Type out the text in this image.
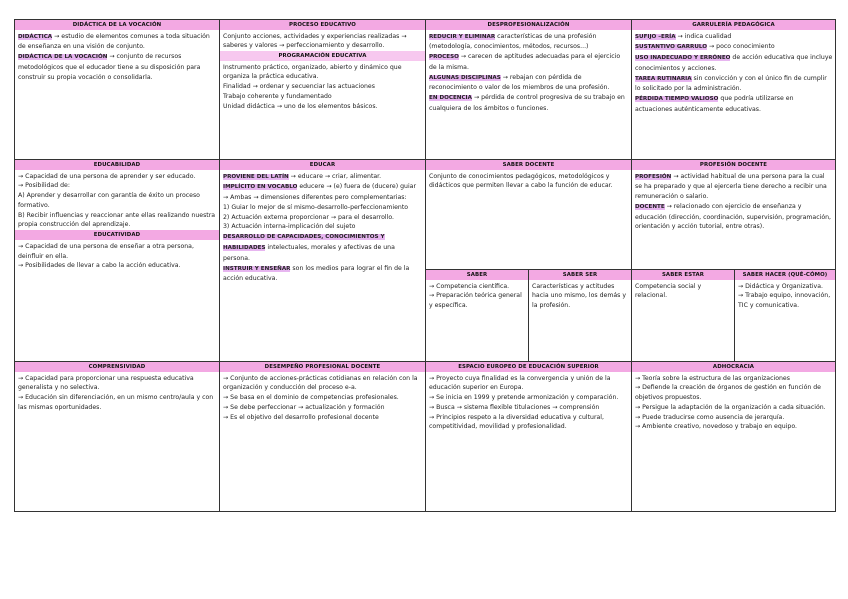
DIDÁCTICA DE LA VOCACIÓN

DIDÁCTICA → estudio de elementos comunes a toda situación de enseñanza en una visión de conjunto.

DIDÁCTICA DE LA VOCACIÓN → conjunto de recursos metodológicos que el educador tiene a su disposición para construir su propia vocación o consolidarla.

PROCESO EDUCATIVO

Conjunto acciones, actividades y experiencias realizadas → saberes y valores → perfeccionamiento y desarrollo.

PROGRAMACIÓN EDUCATIVA

Instrumento práctico, organizado, abierto y dinámico que organiza la práctica educativa.

Finalidad → ordenar y secuenciar las actuaciones

Trabajo coherente y fundamentado

Unidad didáctica → uno de los elementos básicos.

DESPROFESIONALIZACIÓN

REDUCIR Y ELIMINAR características de una profesión (metodología, conocimientos, métodos, recursos...)

PROCESO → carecen de aptitudes adecuadas para el ejercicio de la misma.

ALGUNAS DISCIPLINAS → rebajan con pérdida de reconocimiento o valor de los miembros de una profesión.

EN DOCENCIA → pérdida de control progresiva de su trabajo en cualquiera de los ámbitos o funciones.

GARRULERÍA PEDAGÓGICA

SUFIJO –ERÍA → indica cualidad

SUSTANTIVO GARRULO → poco conocimiento

USO INADECUADO Y ERRÓNEO de acción educativa que incluye conocimientos y acciones.

TAREA RUTINARIA sin convicción y con el único fin de cumplir lo solicitado por la administración.

PÉRDIDA TIEMPO VALIOSO que podría utilizarse en actuaciones auténticamente educativas.

EDUCABILIDAD

→ Capacidad de una persona de aprender y ser educado.

→ Posibilidad de:

A) Aprender y desarrollar con garantía de éxito un proceso formativo.

B) Recibir influencias y reaccionar ante ellas realizando nuestra propia construcción del aprendizaje.

EDUCATIVIDAD

→ Capacidad de una persona de enseñar a otra persona, deinfluir en ella.

→ Posibilidades de llevar a cabo la acción educativa.

EDUCAR

PROVIENE DEL LATÍN → educare → criar, alimentar.

IMPLÍCITO EN VOCABLO educere → (e) fuera de (ducere) guiar

→ Ambas → dimensiones diferentes pero complementarias:

1) Guiar lo mejor de sí mismo-desarrollo-perfeccionamiento

2) Actuación externa proporcionar → para el desarrollo.

3) Actuación interna-implicación del sujeto

DESARROLLO DE CAPACIDADES, CONOCIMIENTOS Y HABILIDADES intelectuales, morales y afectivas de una persona.

INSTRUIR Y ENSEÑAR son los medios para lograr el fin de la acción educativa.

SABER DOCENTE

Conjunto de conocimientos pedagógicos, metodológicos y didácticos que permiten llevar a cabo la función de educar.

PROFESIÓN DOCENTE

PROFESIÓN → actividad habitual de una persona para la cual se ha preparado y que al ejercerla tiene derecho a recibir una remuneración o salario.

DOCENTE → relacionado con ejercicio de enseñanza y educación (dirección, coordinación, supervisión, programación, orientación y acción tutorial, entre otras).

SABER

→ Competencia científica.

→ Preparación teórica general y específica.

SABER SER

Características y actitudes hacia uno mismo, los demás y la profesión.

SABER ESTAR

Competencia social y relacional.

SABER HACER (QUÉ-CÓMO)

→ Didáctica y Organizativa.

→ Trabajo equipo, innovación, TIC y comunicativa.

COMPRENSIVIDAD

→ Capacidad para proporcionar una respuesta educativa generalista y no selectiva.

→ Educación sin diferenciación, en un mismo centro/aula y con las mismas oportunidades.

DESEMPEÑO PROFESIONAL DOCENTE

→ Conjunto de acciones-prácticas cotidianas en relación con la organización y conducción del proceso e-a.

→ Se basa en el dominio de competencias profesionales.

→ Se debe perfeccionar → actualización y formación

→ Es el objetivo del desarrollo profesional docente

ESPACIO EUROPEO DE EDUCACIÓN SUPERIOR

→ Proyecto cuya finalidad es la convergencia y unión de la educación superior en Europa.

→ Se inicia en 1999 y pretende armonización y comparación.

→ Busca → sistema flexible titulaciones → comprensión

→ Principios respeto a la diversidad educativa y cultural, competitividad, movilidad y profesionalidad.

ADHOCRACIA

→ Teoría sobre la estructura de las organizaciones

→ Defiende la creación de órganos de gestión en función de objetivos propuestos.

→ Persigue la adaptación de la organización a cada situación.

→ Puede traducirse como ausencia de jerarquía.

→ Ambiente creativo, novedoso y trabajo en equipo.
